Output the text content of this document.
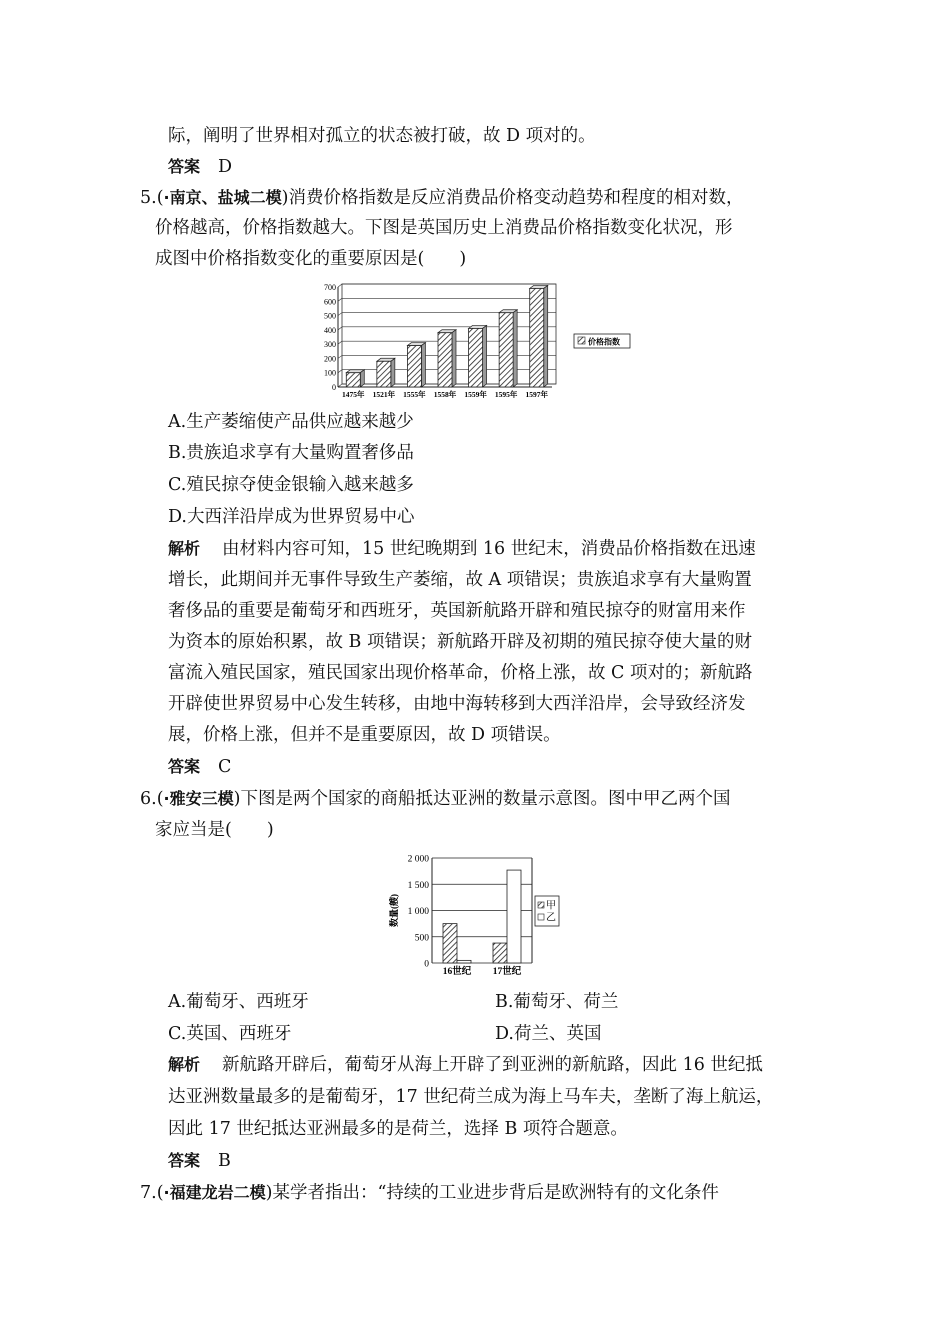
际，阐明了世界相对孤立的状态被打破，故 D 项对的。
答案 D
5.(·南京、盐城二模)消费价格指数是反应消费品价格变动趋势和程度的相对数，
价格越高，价格指数越大。下图是英国历史上消费品价格指数变化状况，形
成图中价格指数变化的重要原因是(　　)
0
100
200
300
400
500
600
700
1475年 1521年 1555年 1558年 1559年 1595年 1597年
价格指数
A.生产萎缩使产品供应越来越少
B.贵族追求享有大量购置奢侈品
C.殖民掠夺使金银输入越来越多
D.大西洋沿岸成为世界贸易中心
解析 由材料内容可知，15 世纪晚期到 16 世纪末，消费品价格指数在迅速
增长，此期间并无事件导致生产萎缩，故 A 项错误；贵族追求享有大量购置
奢侈品的重要是葡萄牙和西班牙，英国新航路开辟和殖民掠夺的财富用来作
为资本的原始积累，故 B 项错误；新航路开辟及初期的殖民掠夺使大量的财
富流入殖民国家，殖民国家出现价格革命，价格上涨，故 C 项对的；新航路
开辟使世界贸易中心发生转移，由地中海转移到大西洋沿岸，会导致经济发
展，价格上涨，但并不是重要原因，故 D 项错误。
答案 C
6.(·雅安三模)下图是两个国家的商船抵达亚洲的数量示意图。图中甲乙两个国
家应当是(　　)
0
500
1 000
1 500
2 000
数量(艘)
16世纪 17世纪
甲
乙
A.葡萄牙、西班牙	B.葡萄牙、荷兰
C.英国、西班牙	D.荷兰、英国
解析 新航路开辟后，葡萄牙从海上开辟了到亚洲的新航路，因此 16 世纪抵
达亚洲数量最多的是葡萄牙，17 世纪荷兰成为海上马车夫，垄断了海上航运，
因此 17 世纪抵达亚洲最多的是荷兰，选择 B 项符合题意。
答案 B
7.(·福建龙岩二模)某学者指出：“持续的工业进步背后是欧洲特有的文化条件
